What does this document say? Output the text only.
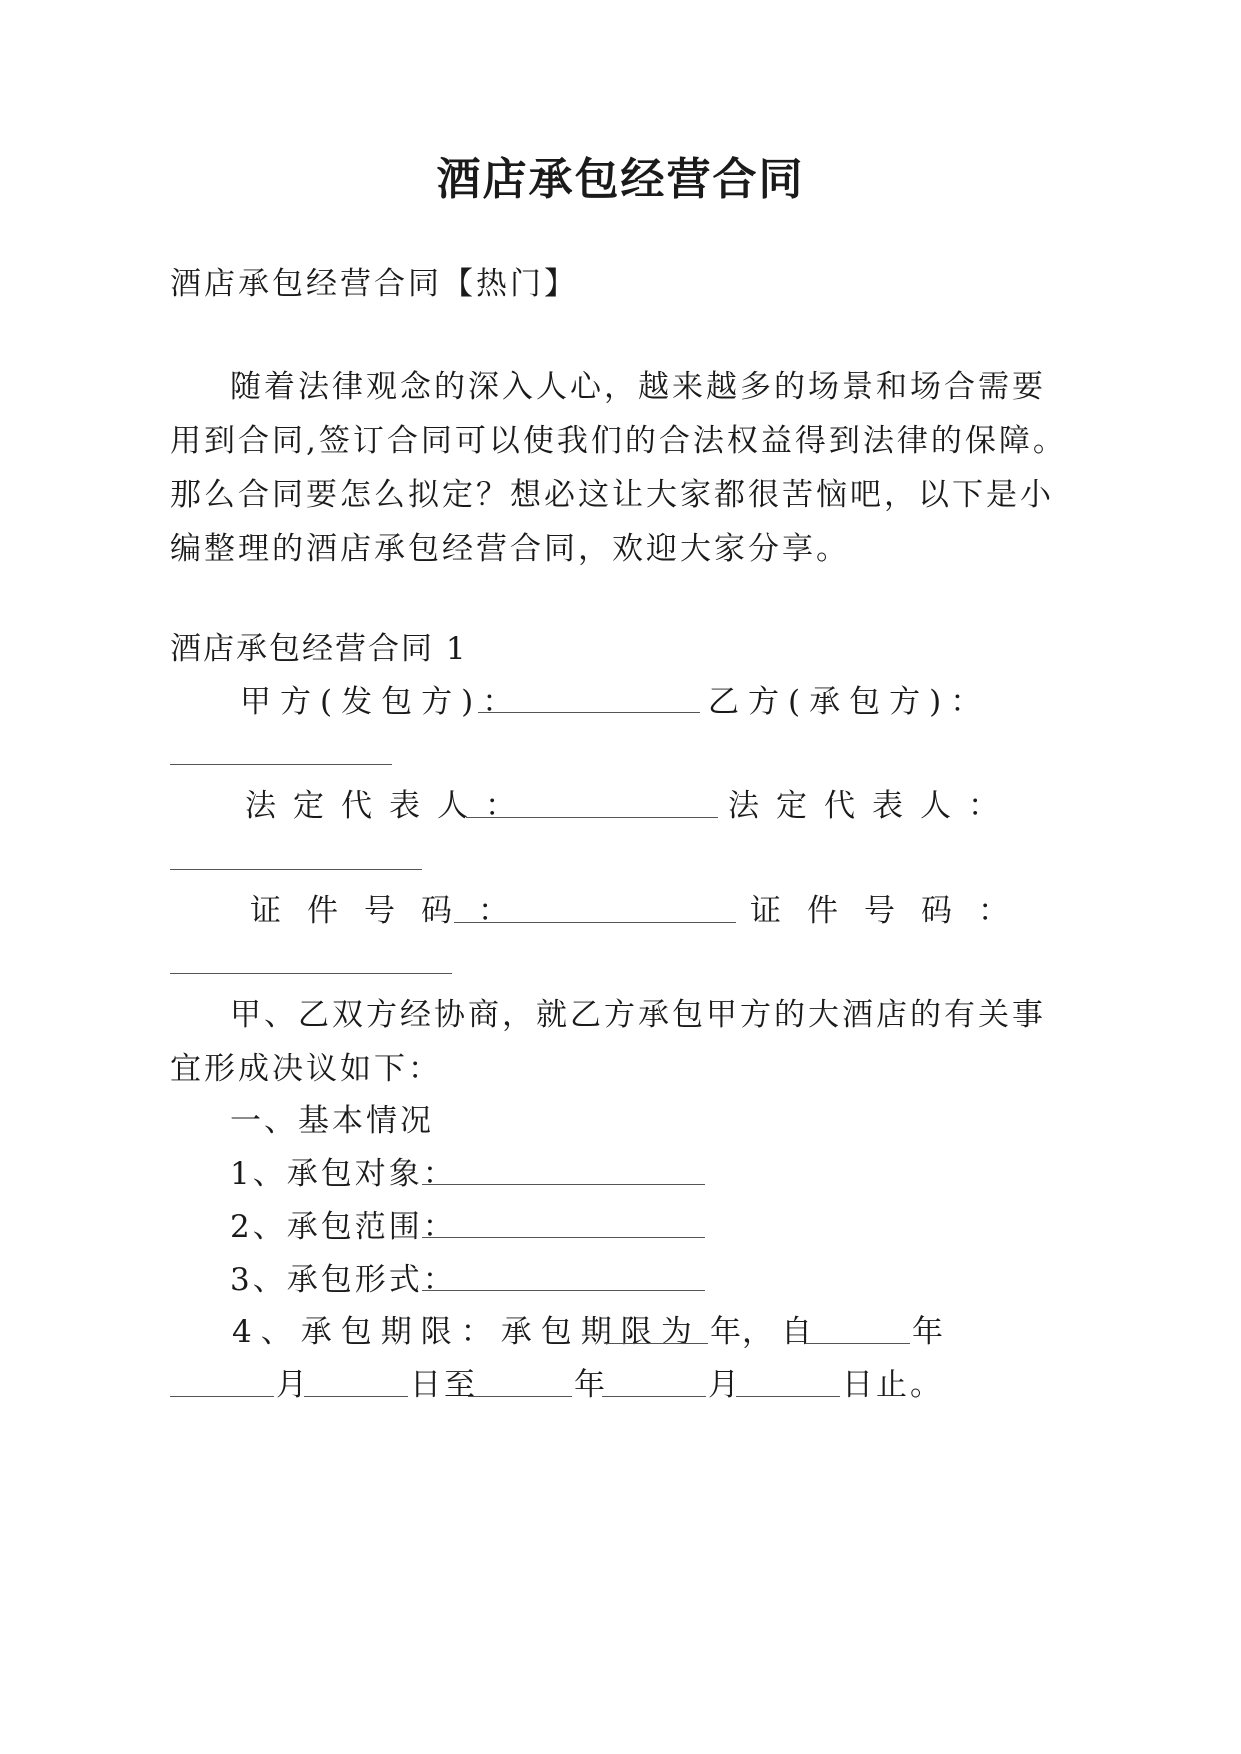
酒店承包经营合同
酒店承包经营合同【热门】
随着法律观念的深入人心，越来越多的场景和场合需要
用到合同,签订合同可以使我们的合法权益得到法律的保障。
那么合同要怎么拟定？想必这让大家都很苦恼吧，以下是小
编整理的酒店承包经营合同，欢迎大家分享。
酒店承包经营合同 1
甲方(发包方)：	乙方(承包方)：
法定代表人：	法定代表人：
证件号码：	证件号码：
甲、乙双方经协商，就乙方承包甲方的大酒店的有关事
宜形成决议如下：
一、基本情况
1、承包对象：
2、承包范围：
3、承包形式：
4、承包期限：承包期限为 年
，自	年
月	日至	年	月	日止。
